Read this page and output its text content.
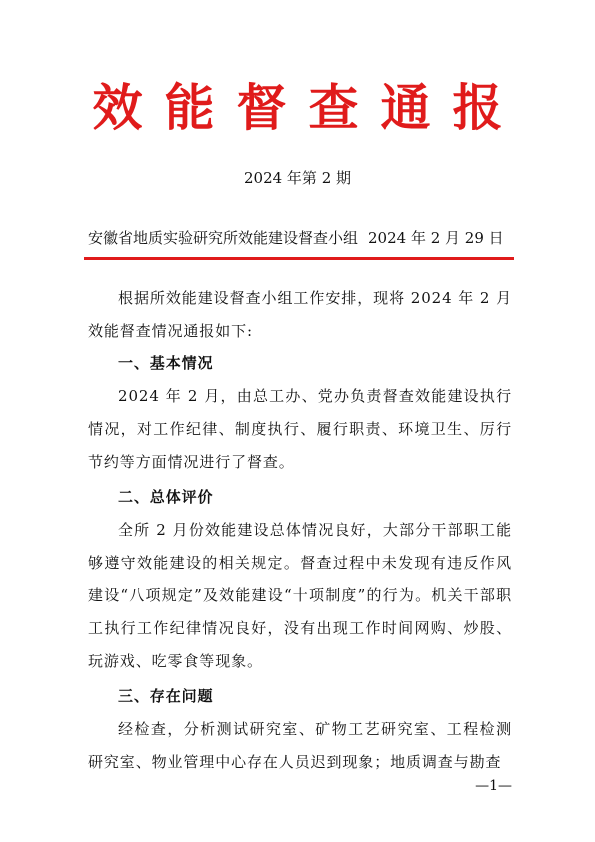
效能督查通报
2024 年第 2 期
安徽省地质实验研究所效能建设督查小组 2024 年 2 月 29 日

根据所效能建设督查小组工作安排，现将 2024 年 2 月效能督查情况通报如下:

一、基本情况

2024 年 2 月，由总工办、党办负责督查效能建设执行情况，对工作纪律、制度执行、履行职责、环境卫生、厉行节约等方面情况进行了督查。

二、总体评价

全所 2 月份效能建设总体情况良好，大部分干部职工能够遵守效能建设的相关规定。督查过程中未发现有违反作风建设“八项规定”及效能建设“十项制度”的行为。机关干部职工执行工作纪律情况良好，没有出现工作时间网购、炒股、玩游戏、吃零食等现象。

三、存在问题

经检查，分析测试研究室、矿物工艺研究室、工程检测研究室、物业管理中心存在人员迟到现象；地质调查与勘查

—1—
